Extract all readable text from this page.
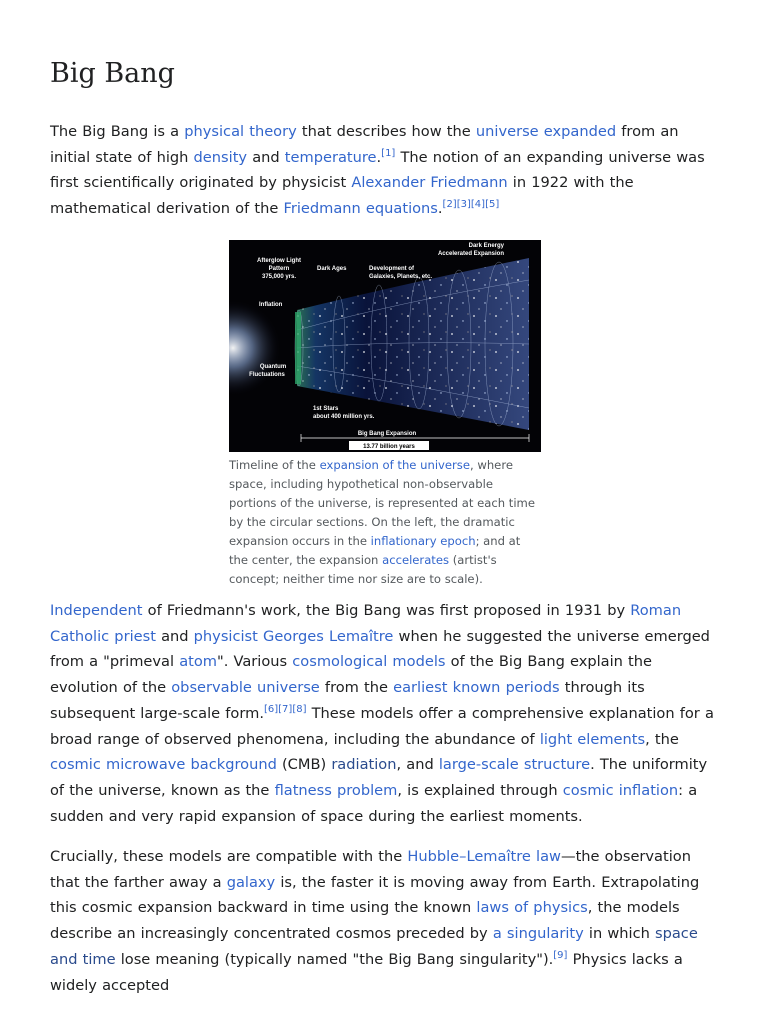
Big Bang

The Big Bang is a physical theory that describes how the universe expanded from an initial state of high density and temperature.[1] The notion of an expanding universe was first scientifically originated by physicist Alexander Friedmann in 1922 with the mathematical derivation of the Friedmann equations.[2][3][4][5]

Dark Energy
Accelerated Expansion
Afterglow Light
Pattern
375,000 yrs.
Dark Ages	Development of
Galaxies, Planets, etc.
Inflation
Quantum
Fluctuations
1st Stars
about 400 million yrs.
Big Bang Expansion
13.77 billion years
Timeline of the expansion of the universe, where space, including hypothetical non-observable portions of the universe, is represented at each time by the circular sections. On the left, the dramatic expansion occurs in the inflationary epoch; and at the center, the expansion accelerates (artist's concept; neither time nor size are to scale).

Independent of Friedmann's work, the Big Bang was first proposed in 1931 by Roman Catholic priest and physicist Georges Lemaître when he suggested the universe emerged from a "primeval atom". Various cosmological models of the Big Bang explain the evolution of the observable universe from the earliest known periods through its subsequent large-scale form.[6][7][8] These models offer a comprehensive explanation for a broad range of observed phenomena, including the abundance of light elements, the cosmic microwave background (CMB) radiation, and large-scale structure. The uniformity of the universe, known as the flatness problem, is explained through cosmic inflation: a sudden and very rapid expansion of space during the earliest moments.

Crucially, these models are compatible with the Hubble–Lemaître law—the observation that the farther away a galaxy is, the faster it is moving away from Earth. Extrapolating this cosmic expansion backward in time using the known laws of physics, the models describe an increasingly concentrated cosmos preceded by a singularity in which space and time lose meaning (typically named "the Big Bang singularity").[9] Physics lacks a widely accepted
